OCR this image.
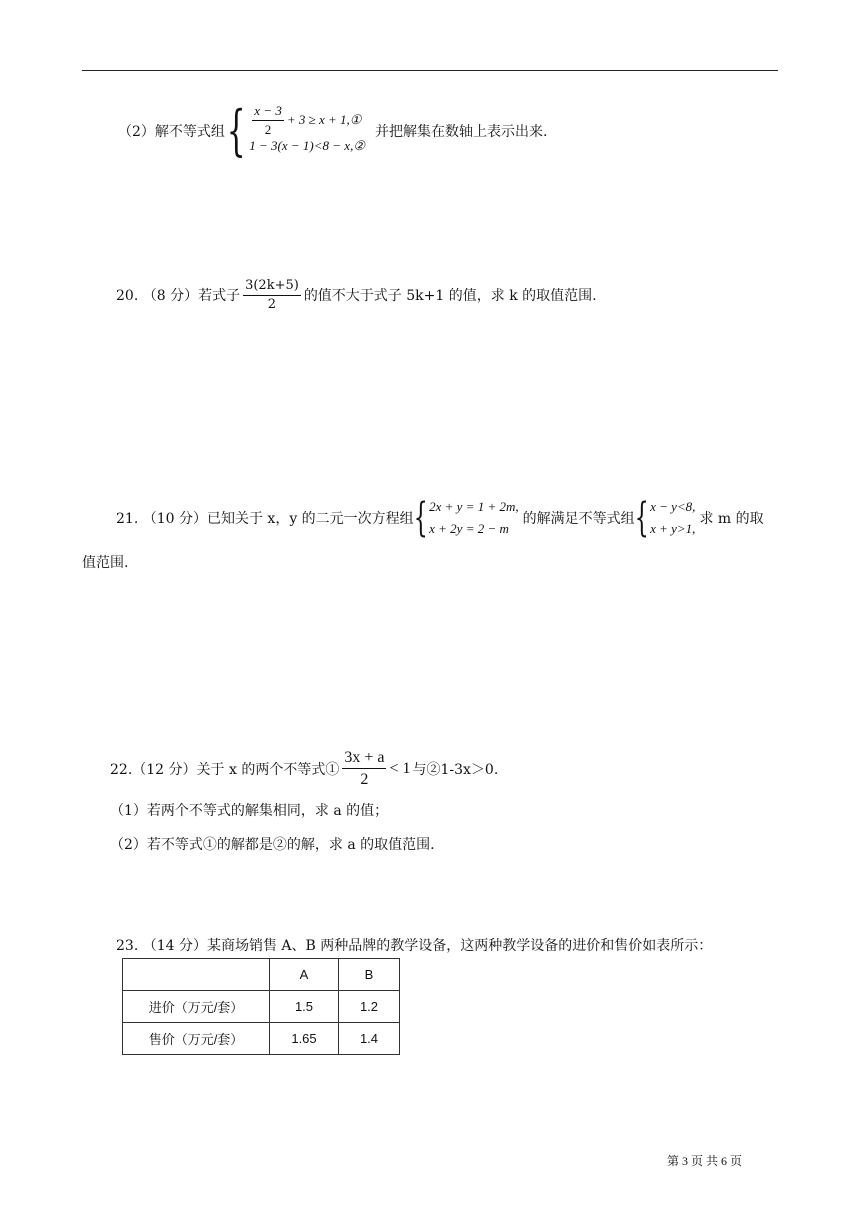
（2）解不等式组 { $\frac{x - 3}{2} + 3 \ge x$ + 1,①
1 − 3(x − 1)<8 − x,②
并把解集在数轴上表示出来.
20. （8 分）若式子 $\frac{3(2k+5)}{2}$ 的值不大于式子 5k+1 的值，求 k 的取值范围.
21. （10 分）已知关于 x，y 的二元一次方程组 { 2x + y = 1 + 2m,
x + 2y = 2 − m
的解满足不等式组 { x − y<8,
x + y>1,
求 m 的取
值范围.
22.（12 分）关于 x 的两个不等式① $\frac{3x + a}{2} < 1$ 与②1-3x＞0.
（1）若两个不等式的解集相同，求 a 的值；
（2）若不等式①的解都是②的解，求 a 的取值范围.
23. （14 分）某商场销售 A、B 两种品牌的教学设备，这两种教学设备的进价和售价如表所示：
	A	B
进价（万元/套）	1.5	1.2
售价（万元/套）	1.65	1.4
第 3 页 共 6 页
